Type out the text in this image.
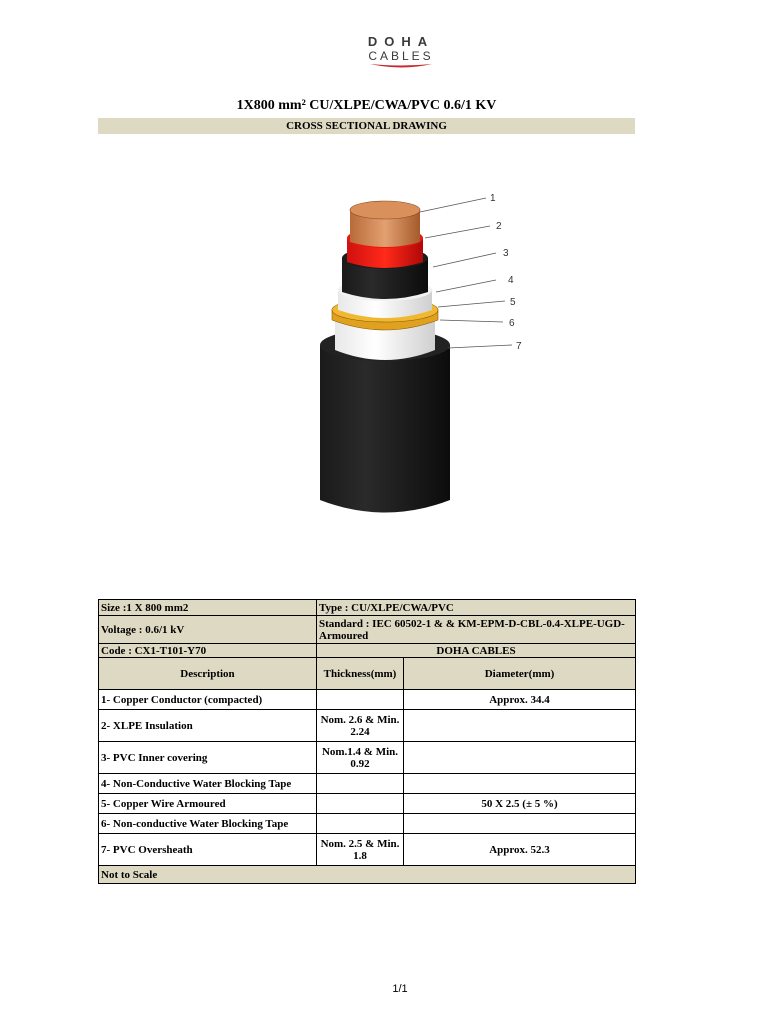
DOHA
CABLES
1X800 mm² CU/XLPE/CWA/PVC 0.6/1 KV
CROSS SECTIONAL DRAWING
1
2
3
4
5
6
7
Size :1 X 800 mm2	Type : CU/XLPE/CWA/PVC	
Voltage : 0.6/1 kV	Standard : IEC 60502-1 & & KM-EPM-D-CBL-0.4-XLPE-UGD-Armoured	
Code : CX1-T101-Y70	DOHA CABLES	
Description	Thickness(mm)	Diameter(mm)
1- Copper Conductor (compacted)		Approx. 34.4
2- XLPE Insulation	Nom. 2.6 & Min. 2.24	
3- PVC Inner covering	Nom.1.4 & Min. 0.92	
4- Non-Conductive Water Blocking Tape		
5- Copper Wire Armoured		50 X 2.5 (± 5 %)
6- Non-conductive Water Blocking Tape		
7- PVC Oversheath	Nom. 2.5 & Min. 1.8	Approx. 52.3
Not to Scale		
1/1
